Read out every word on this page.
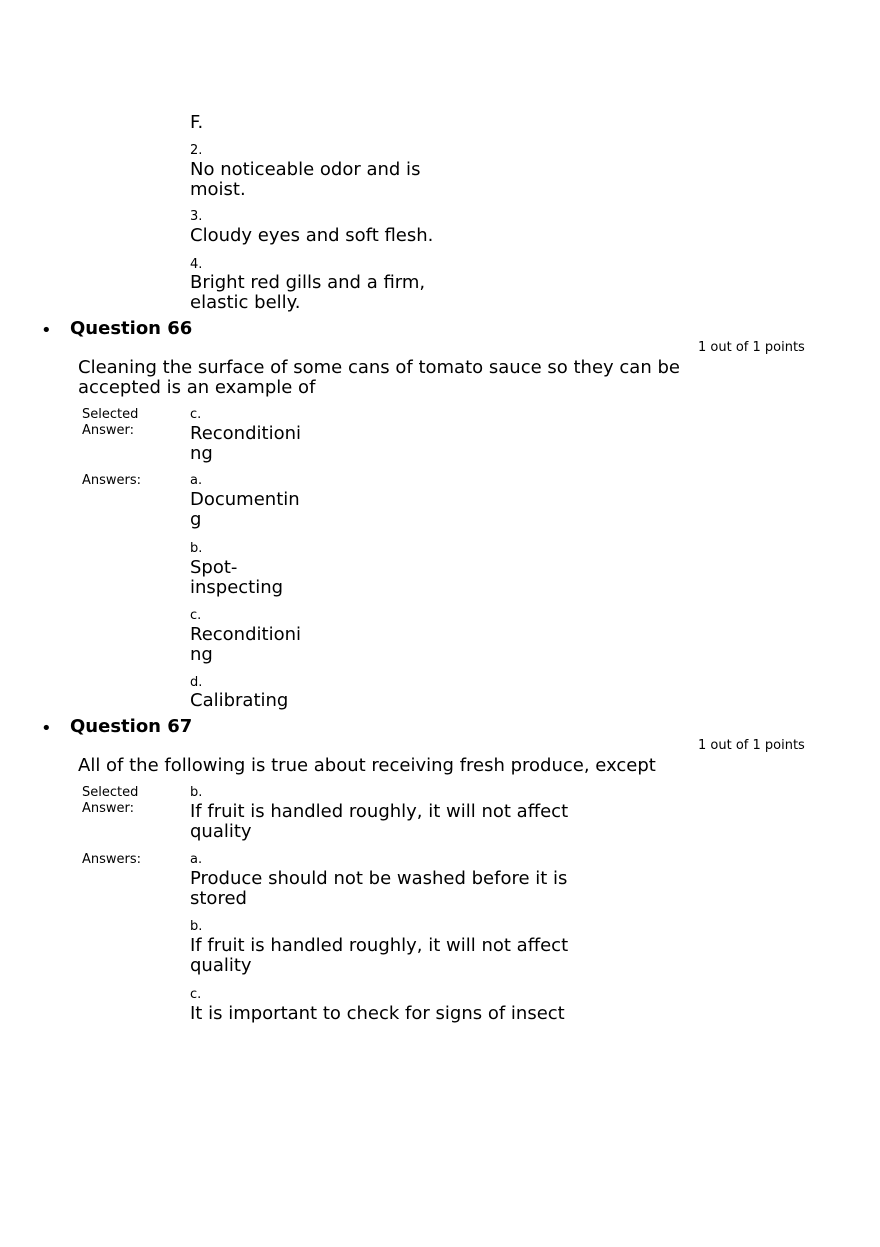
F.
2.
No noticeable odor and is
moist.
3.
Cloudy eyes and soft flesh.
4.
Bright red gills and a firm,
elastic belly.
• Question 66
1 out of 1 points
Cleaning the surface of some cans of tomato sauce so they can be
accepted is an example of
Selected
Answer:
c.
Reconditioni
ng
Answers:	a.
Documentin
g
b.
Spot-
inspecting
c.
Reconditioni
ng
d.
Calibrating
• Question 67
1 out of 1 points
All of the following is true about receiving fresh produce, except
Selected
Answer:
b.
If fruit is handled roughly, it will not affect
quality
Answers:	a.
Produce should not be washed before it is
stored
b.
If fruit is handled roughly, it will not affect
quality
c.
It is important to check for signs of insect
